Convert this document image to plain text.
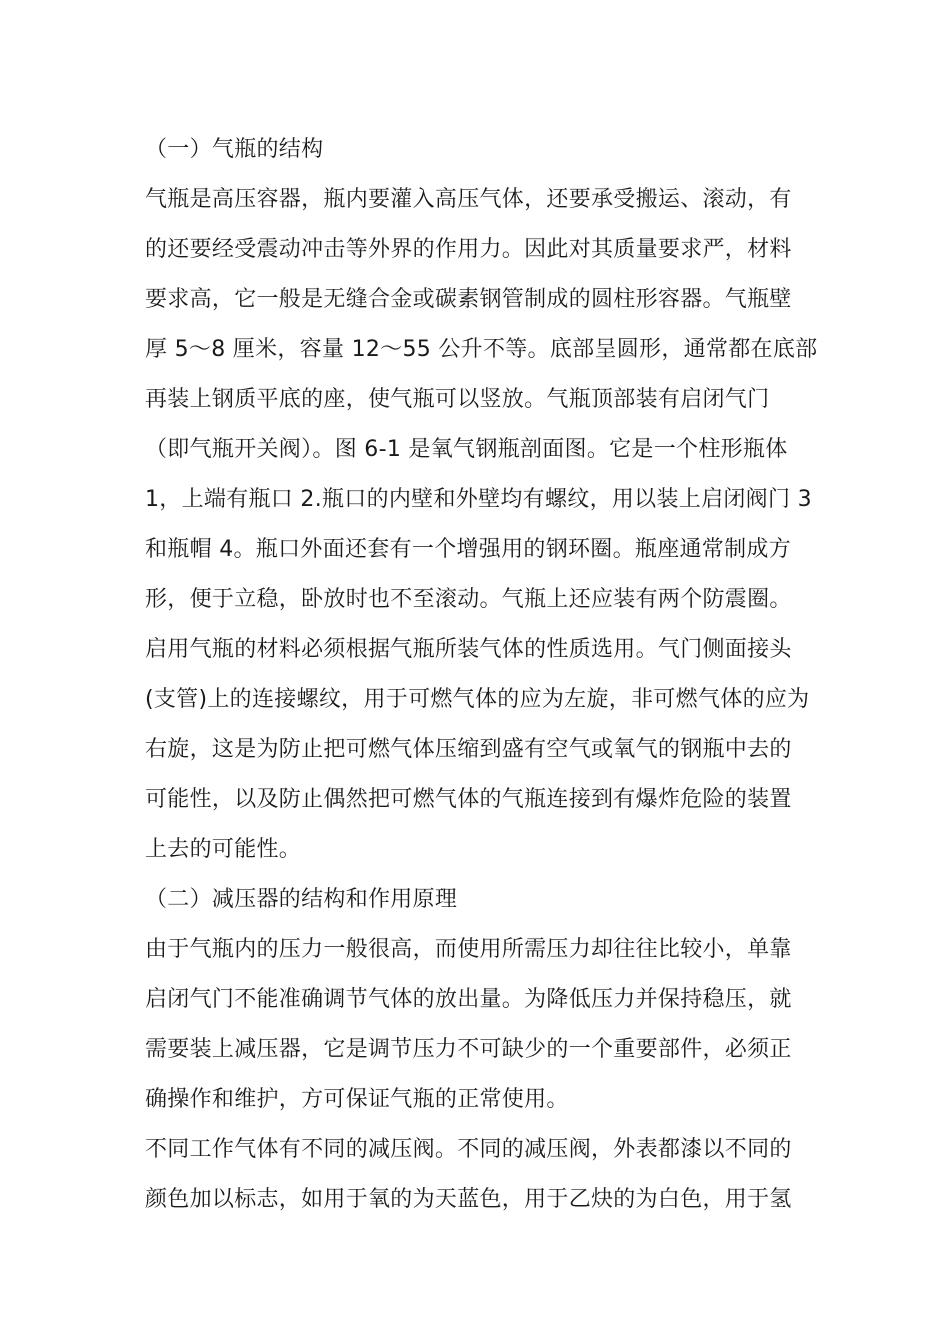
（一）气瓶的结构
气瓶是高压容器，瓶内要灌入高压气体，还要承受搬运、滚动，有
的还要经受震动冲击等外界的作用力。因此对其质量要求严，材料
要求高，它一般是无缝合金或碳素钢管制成的圆柱形容器。气瓶壁
厚 5～8 厘米，容量 12～55 公升不等。底部呈圆形，通常都在底部
再装上钢质平底的座，使气瓶可以竖放。气瓶顶部装有启闭气门
（即气瓶开关阀）。图 6-1 是氧气钢瓶剖面图。它是一个柱形瓶体
1，上端有瓶口 2.瓶口的内壁和外壁均有螺纹，用以装上启闭阀门 3
和瓶帽 4。瓶口外面还套有一个增强用的钢环圈。瓶座通常制成方
形，便于立稳，卧放时也不至滚动。气瓶上还应装有两个防震圈。
启用气瓶的材料必须根据气瓶所装气体的性质选用。气门侧面接头
(支管)上的连接螺纹，用于可燃气体的应为左旋，非可燃气体的应为
右旋，这是为防止把可燃气体压缩到盛有空气或氧气的钢瓶中去的
可能性，以及防止偶然把可燃气体的气瓶连接到有爆炸危险的装置
上去的可能性。
（二）减压器的结构和作用原理
由于气瓶内的压力一般很高，而使用所需压力却往往比较小，单靠
启闭气门不能准确调节气体的放出量。为降低压力并保持稳压，就
需要装上减压器，它是调节压力不可缺少的一个重要部件，必须正
确操作和维护，方可保证气瓶的正常使用。
不同工作气体有不同的减压阀。不同的减压阀，外表都漆以不同的
颜色加以标志，如用于氧的为天蓝色，用于乙炔的为白色，用于氢
